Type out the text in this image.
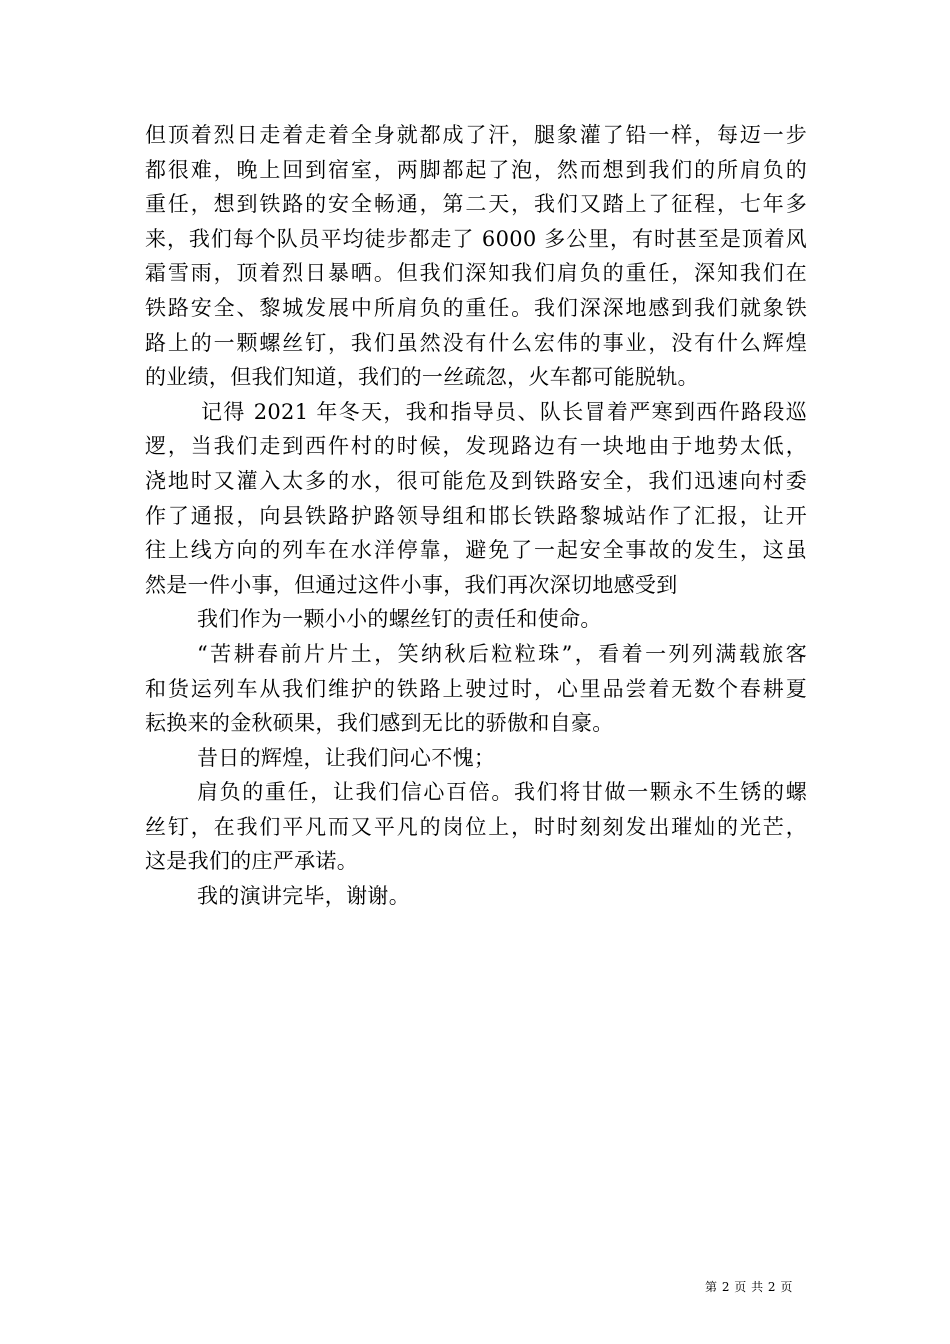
但顶着烈日走着走着全身就都成了汗，腿象灌了铅一样，每迈一步
都很难，晚上回到宿室，两脚都起了泡，然而想到我们的所肩负的
重任，想到铁路的安全畅通，第二天，我们又踏上了征程，七年多
来，我们每个队员平均徒步都走了 6000 多公里，有时甚至是顶着风
霜雪雨，顶着烈日暴晒。但我们深知我们肩负的重任，深知我们在
铁路安全、黎城发展中所肩负的重任。我们深深地感到我们就象铁
路上的一颗螺丝钉，我们虽然没有什么宏伟的事业，没有什么辉煌
的业绩，但我们知道，我们的一丝疏忽，火车都可能脱轨。
记得 2021 年冬天，我和指导员、队长冒着严寒到西仵路段巡
逻，当我们走到西仵村的时候，发现路边有一块地由于地势太低，
浇地时又灌入太多的水，很可能危及到铁路安全，我们迅速向村委
作了通报，向县铁路护路领导组和邯长铁路黎城站作了汇报，让开
往上线方向的列车在水洋停靠，避免了一起安全事故的发生，这虽
然是一件小事，但通过这件小事，我们再次深切地感受到
我们作为一颗小小的螺丝钉的责任和使命。
“苦耕春前片片土，笑纳秋后粒粒珠”，看着一列列满载旅客
和货运列车从我们维护的铁路上驶过时，心里品尝着无数个春耕夏
耘换来的金秋硕果，我们感到无比的骄傲和自豪。
昔日的辉煌，让我们问心不愧；
肩负的重任，让我们信心百倍。我们将甘做一颗永不生锈的螺
丝钉，在我们平凡而又平凡的岗位上，时时刻刻发出璀灿的光芒，
这是我们的庄严承诺。
我的演讲完毕，谢谢。
第 2 页 共 2 页
